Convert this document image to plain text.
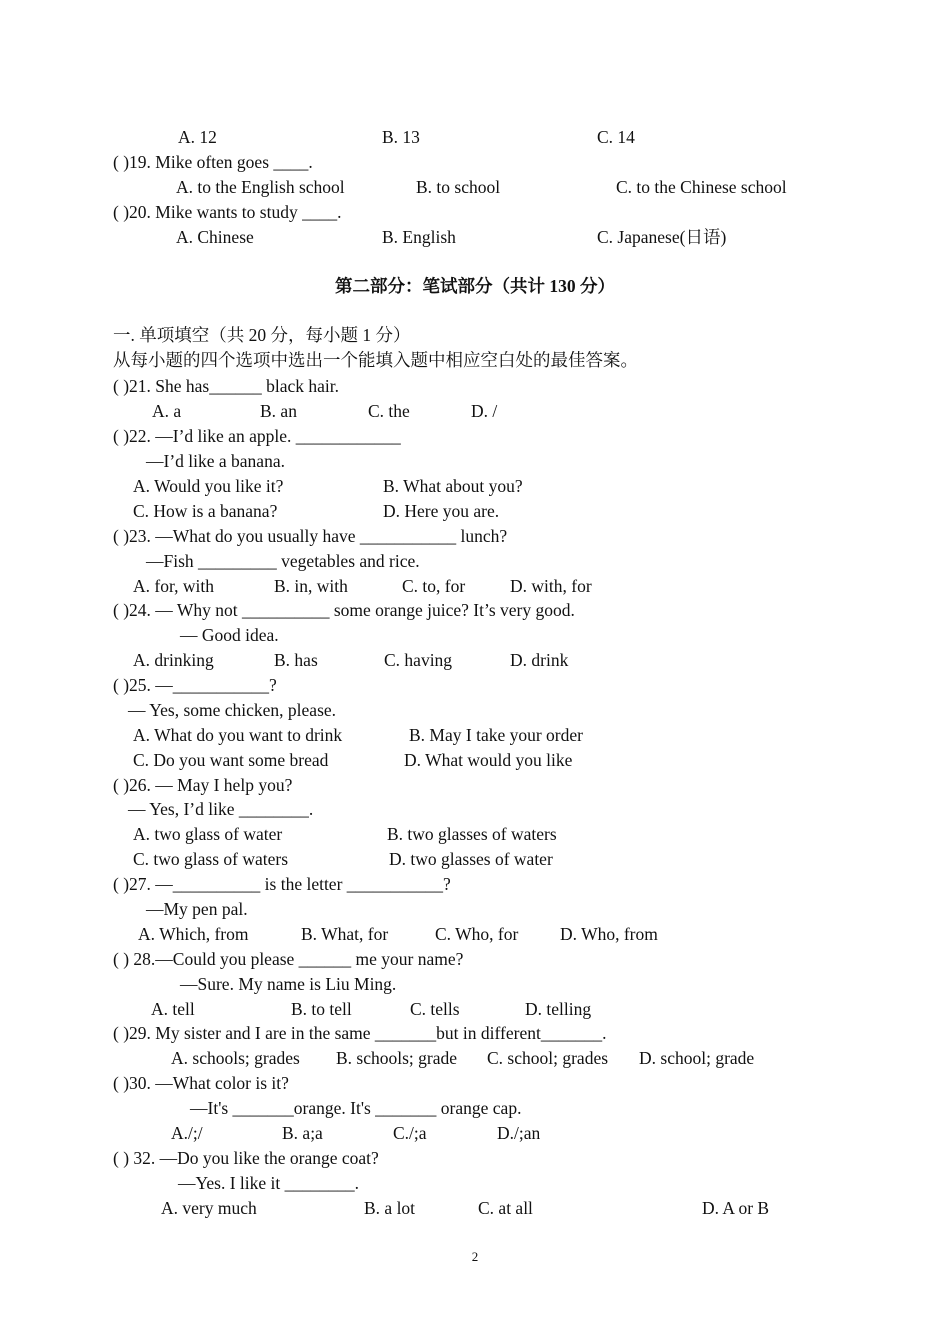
A. 12	B. 13	C. 14
( )19. Mike often goes ____.
A. to the English school	B. to school	C. to the Chinese school
( )20. Mike wants to study ____.
A. Chinese	B. English	C. Japanese(日语)
第二部分：笔试部分（共计 130 分）
一. 单项填空（共 20 分，每小题 1 分）
从每小题的四个选项中选出一个能填入题中相应空白处的最佳答案。
( )21. She has______ black hair.
A. a	B. an	C. the	D. /
( )22. —I’d like an apple. ____________
—I’d like a banana.
A. Would you like it?	B. What about you?
C. How is a banana?	D. Here you are.
( )23. —What do you usually have ___________ lunch?
—Fish _________ vegetables and rice.
A. for, with	B. in, with	C. to, for	D. with, for
( )24. — Why not __________ some orange juice? It’s very good.
— Good idea.
A. drinking	B. has	C. having	D. drink
( )25. —___________?
— Yes, some chicken, please.
A. What do you want to drink	B. May I take your order
C. Do you want some bread	D. What would you like
( )26. — May I help you?
— Yes, I’d like ________.
A. two glass of water	B. two glasses of waters
C. two glass of waters	D. two glasses of water
( )27. —__________ is the letter ___________?
—My pen pal.
A. Which, from	B. What, for	C. Who, for D. Who, from
( ) 28.—Could you please ______ me your name?
—Sure. My name is Liu Ming.
A. tell	B. to tell	C. tells	D. telling
( )29. My sister and I are in the same _______but in different_______.
A. schools; grades B. schools; grade C. school; grades D. school; grade
( )30. —What color is it?
—It's _______orange. It's _______ orange cap.
A./;/	B. a;a	C./;a	D./;an
( ) 32. —Do you like the orange coat?
—Yes. I like it ________.
A. very much	B. a lot	C. at all	D. A or B
2
